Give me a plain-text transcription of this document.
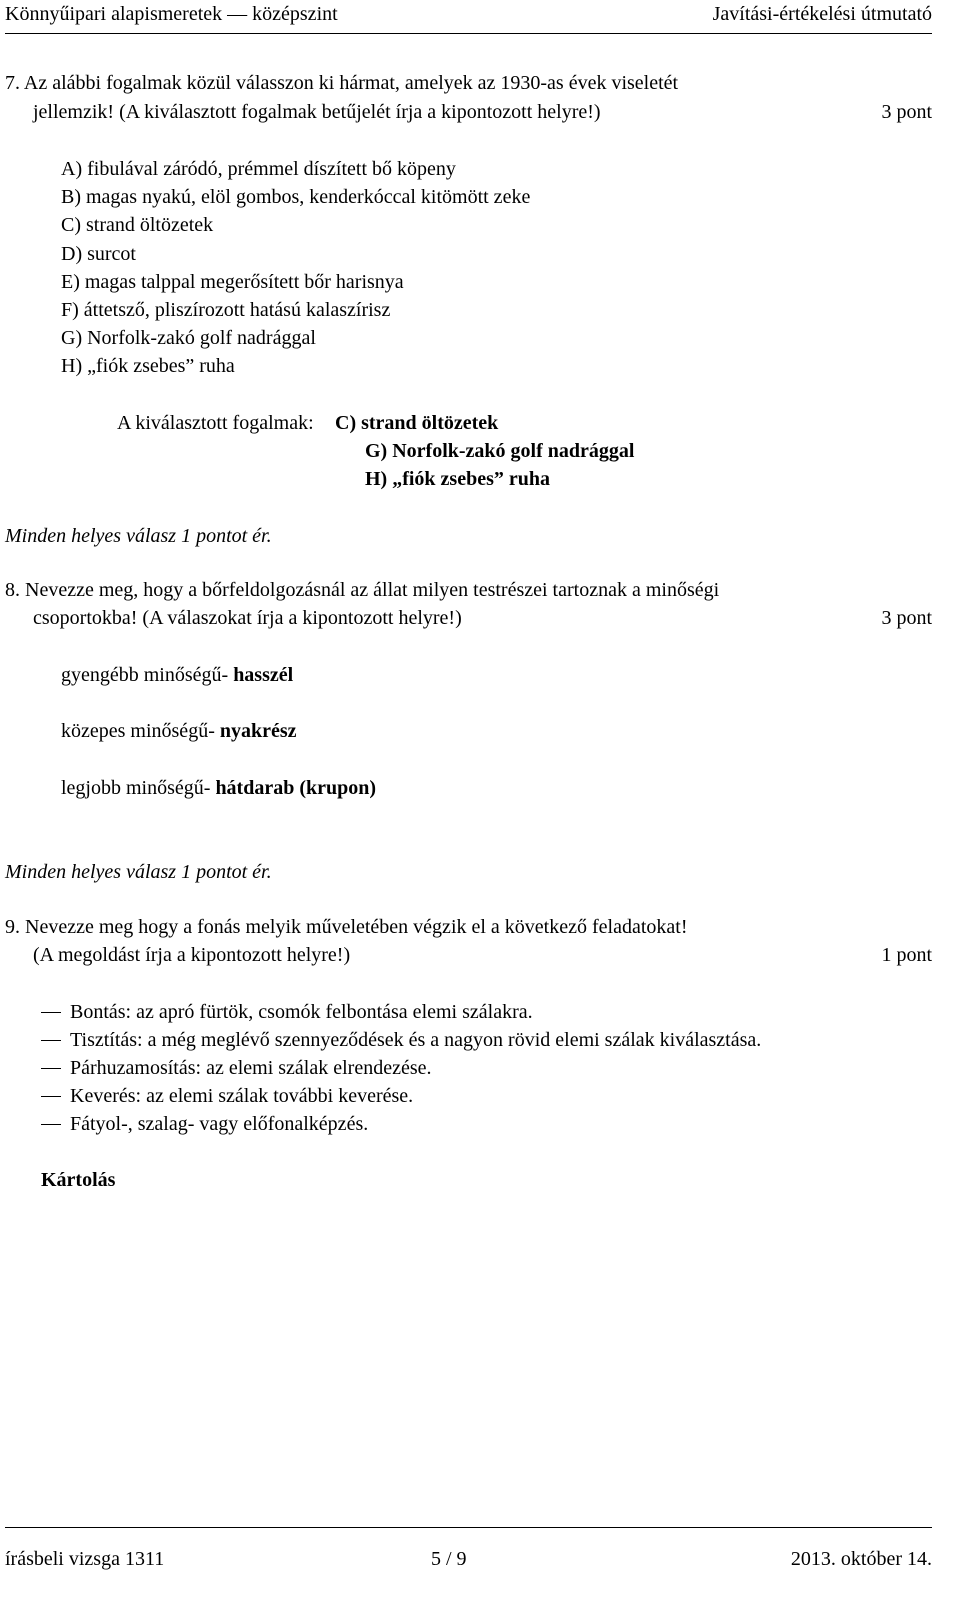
Könnyűipari alapismeretek — középszint	Javítási-értékelési útmutató
7. Az alábbi fogalmak közül válasszon ki hármat, amelyek az 1930-as évek viseletét
jellemzik! (A kiválasztott fogalmak betűjelét írja a kipontozott helyre!)	3 pont
A) fibulával záródó, prémmel díszített bő köpeny
B) magas nyakú, elöl gombos, kenderkóccal kitömött zeke
C) strand öltözetek
D) surcot
E) magas talppal megerősített bőr harisnya
F) áttetsző, pliszírozott hatású kalaszírisz
G) Norfolk-zakó golf nadrággal
H) „fiók zsebes” ruha
A kiválasztott fogalmak: C) strand öltözetek
G) Norfolk-zakó golf nadrággal
H) „fiók zsebes” ruha
Minden helyes válasz 1 pontot ér.
8. Nevezze meg, hogy a bőrfeldolgozásnál az állat milyen testrészei tartoznak a minőségi
csoportokba! (A válaszokat írja a kipontozott helyre!)	3 pont
gyengébb minőségű- hasszél
közepes minőségű- nyakrész
legjobb minőségű- hátdarab (krupon)
Minden helyes válasz 1 pontot ér.
9. Nevezze meg hogy a fonás melyik műveletében végzik el a következő feladatokat!
(A megoldást írja a kipontozott helyre!)	1 pont
Bontás: az apró fürtök, csomók felbontása elemi szálakra.
Tisztítás: a még meglévő szennyeződések és a nagyon rövid elemi szálak kiválasztása.
Párhuzamosítás: az elemi szálak elrendezése.
Keverés: az elemi szálak további keverése.
Fátyol-, szalag- vagy előfonalképzés.
Kártolás
írásbeli vizsga 1311	5 / 9	2013. október 14.
